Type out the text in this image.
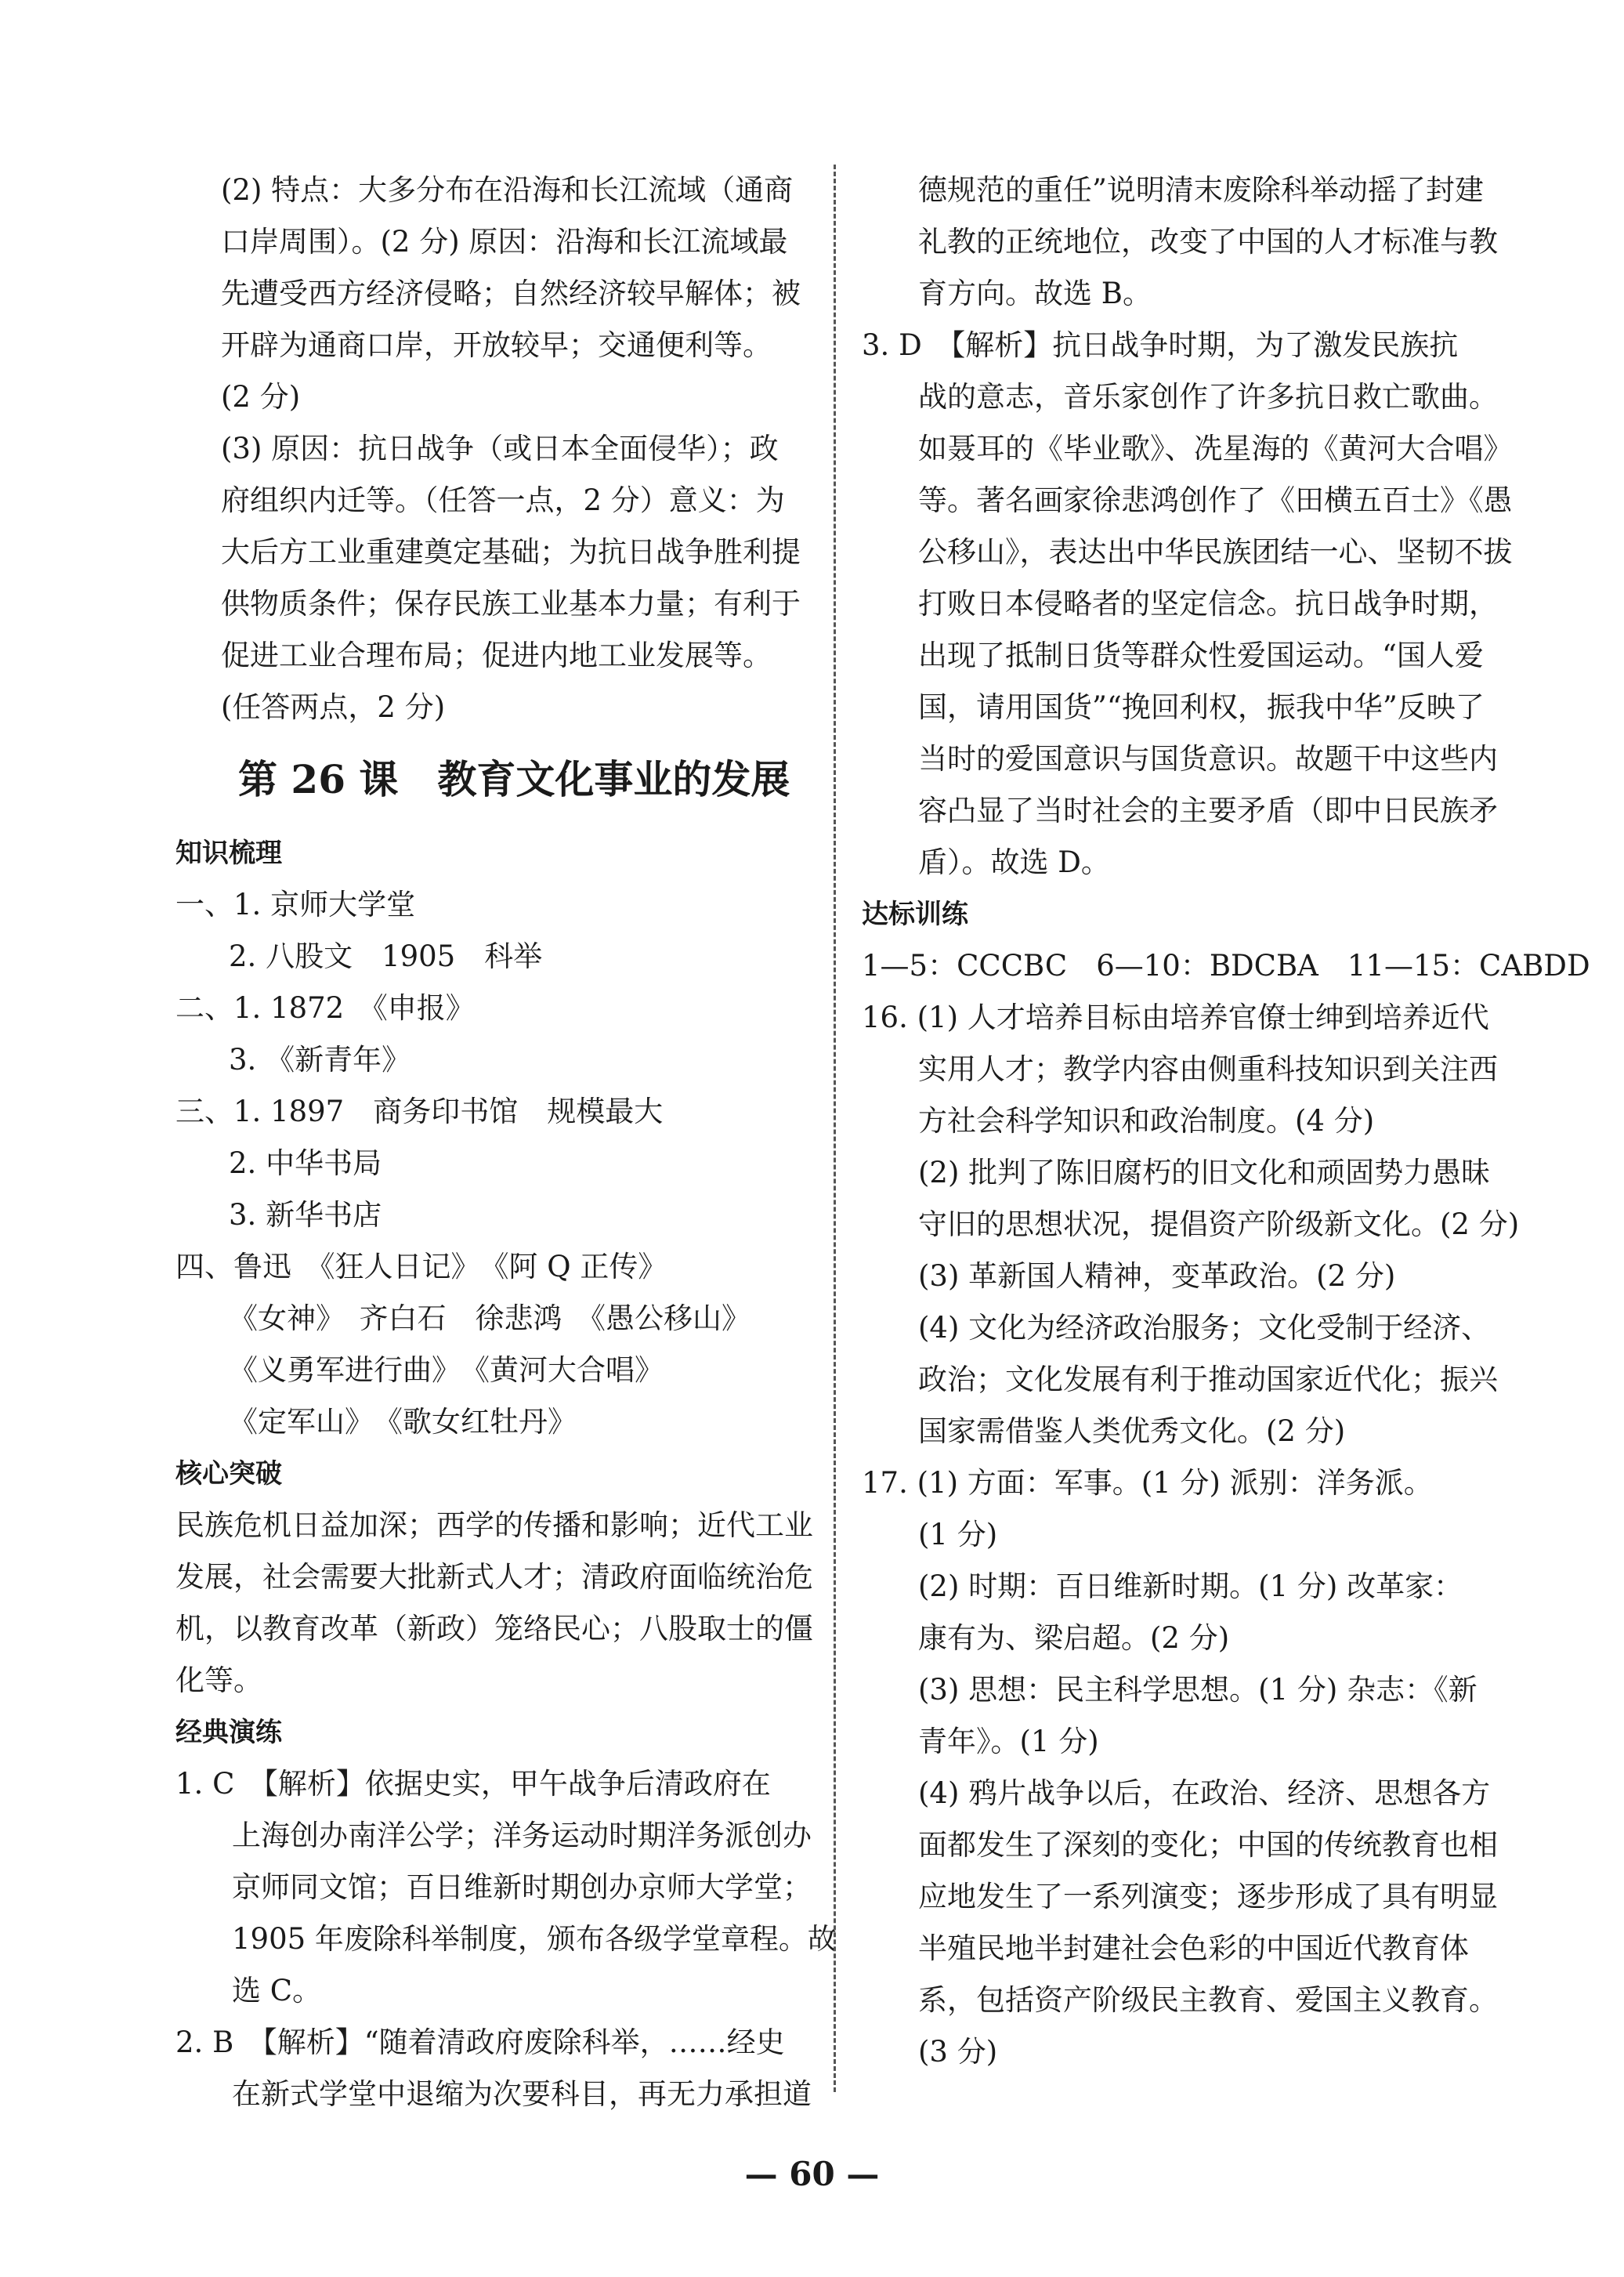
(2) 特点：大多分布在沿海和长江流域（通商
口岸周围）。(2 分) 原因：沿海和长江流域最
先遭受西方经济侵略；自然经济较早解体；被
开辟为通商口岸，开放较早；交通便利等。
(2 分)
(3) 原因：抗日战争（或日本全面侵华）；政
府组织内迁等。（任答一点，2 分）意义：为
大后方工业重建奠定基础；为抗日战争胜利提
供物质条件；保存民族工业基本力量；有利于
促进工业合理布局；促进内地工业发展等。
(任答两点，2 分)
第 26 课　教育文化事业的发展
知识梳理
一、1. 京师大学堂
2. 八股文　1905　科举
二、1. 1872　《申报》
3. 《新青年》
三、1. 1897　商务印书馆　规模最大
2. 中华书局
3. 新华书店
四、鲁迅　《狂人日记》　《阿 Q 正传》
《女神》　齐白石　徐悲鸿　《愚公移山》
《义勇军进行曲》　《黄河大合唱》
《定军山》　《歌女红牡丹》
核心突破
民族危机日益加深；西学的传播和影响；近代工业
发展，社会需要大批新式人才；清政府面临统治危
机，以教育改革（新政）笼络民心；八股取士的僵
化等。
经典演练
1. C　【解析】依据史实，甲午战争后清政府在
上海创办南洋公学；洋务运动时期洋务派创办
京师同文馆；百日维新时期创办京师大学堂；
1905 年废除科举制度，颁布各级学堂章程。故
选 C。
2. B　【解析】“随着清政府废除科举，……经史
在新式学堂中退缩为次要科目，再无力承担道
德规范的重任”说明清末废除科举动摇了封建
礼教的正统地位，改变了中国的人才标准与教
育方向。故选 B。
3. D　【解析】抗日战争时期，为了激发民族抗
战的意志，音乐家创作了许多抗日救亡歌曲。
如聂耳的《毕业歌》、冼星海的《黄河大合唱》
等。著名画家徐悲鸿创作了《田横五百士》《愚
公移山》，表达出中华民族团结一心、坚韧不拔
打败日本侵略者的坚定信念。抗日战争时期，
出现了抵制日货等群众性爱国运动。“国人爱
国，请用国货”“挽回利权，振我中华”反映了
当时的爱国意识与国货意识。故题干中这些内
容凸显了当时社会的主要矛盾（即中日民族矛
盾）。故选 D。
达标训练
1—5：CCCBC　6—10：BDCBA　11—15：CABDD
16. (1) 人才培养目标由培养官僚士绅到培养近代
实用人才；教学内容由侧重科技知识到关注西
方社会科学知识和政治制度。(4 分)
(2) 批判了陈旧腐朽的旧文化和顽固势力愚昧
守旧的思想状况，提倡资产阶级新文化。(2 分)
(3) 革新国人精神，变革政治。(2 分)
(4) 文化为经济政治服务；文化受制于经济、
政治；文化发展有利于推动国家近代化；振兴
国家需借鉴人类优秀文化。(2 分)
17. (1) 方面：军事。(1 分) 派别：洋务派。
(1 分)
(2) 时期：百日维新时期。(1 分) 改革家：
康有为、梁启超。(2 分)
(3) 思想：民主科学思想。(1 分) 杂志：《新
青年》。(1 分)
(4) 鸦片战争以后，在政治、经济、思想各方
面都发生了深刻的变化；中国的传统教育也相
应地发生了一系列演变；逐步形成了具有明显
半殖民地半封建社会色彩的中国近代教育体
系，包括资产阶级民主教育、爱国主义教育。
(3 分)
— 60 —
